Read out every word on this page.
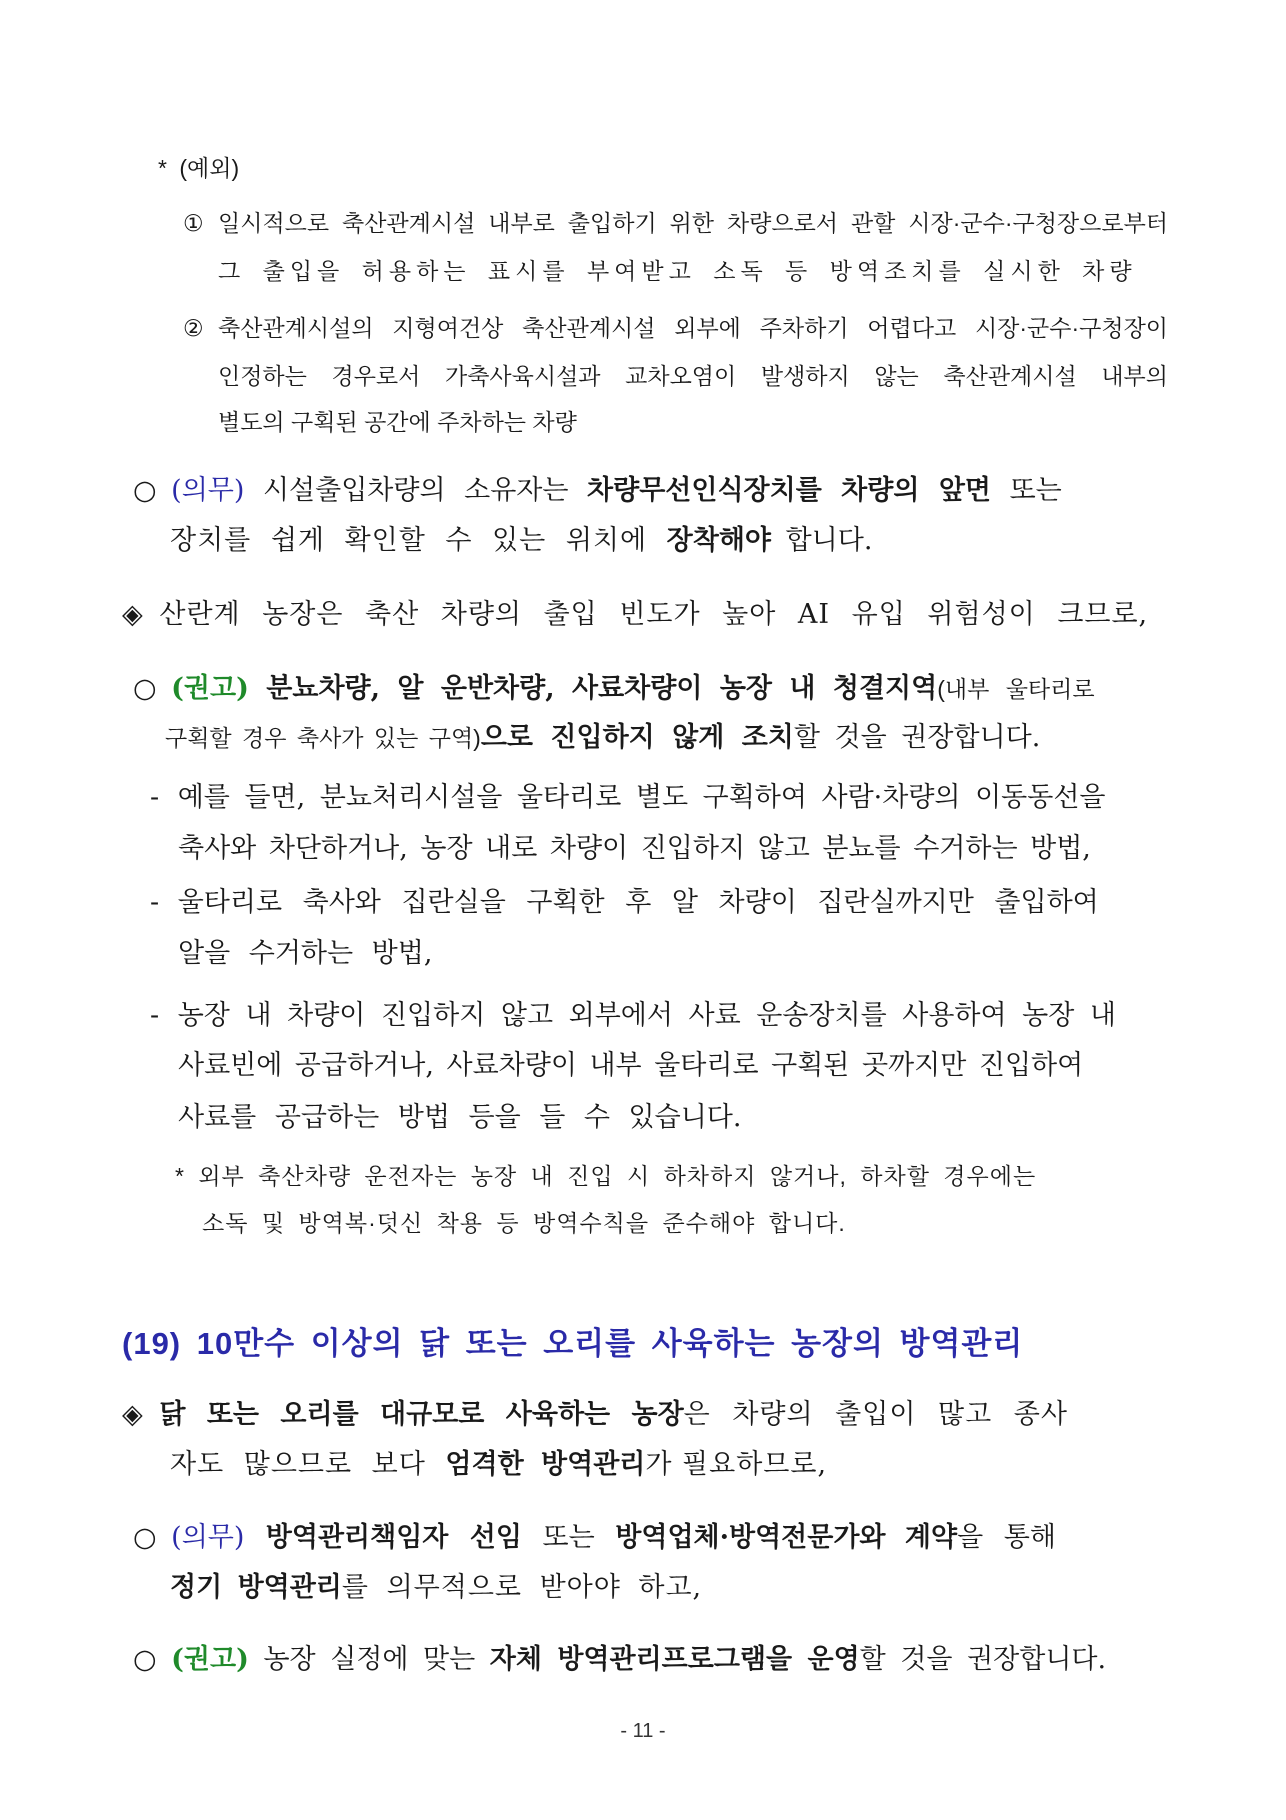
* (예외)
① 일시적으로 축산관계시설 내부로 출입하기 위한 차량으로서 관할 시장·군수·구청장으로부터
그 출입을 허용하는 표시를 부여받고 소독 등 방역조치를 실시한 차량
② 축산관계시설의 지형여건상 축산관계시설 외부에 주차하기 어렵다고 시장·군수·구청장이
인정하는 경우로서 가축사육시설과 교차오염이 발생하지 않는 축산관계시설 내부의
별도의 구획된 공간에 주차하는 차량
○ (의무) 시설출입차량의 소유자는 차량무선인식장치를 차량의 앞면 또는
장치를 쉽게 확인할 수 있는 위치에 장착해야 합니다.
◈ 산란계 농장은 축산 차량의 출입 빈도가 높아 AI 유입 위험성이 크므로,
○ (권고) 분뇨차량, 알 운반차량, 사료차량이 농장 내 청결지역(내부 울타리로
구획할 경우 축사가 있는 구역)으로 진입하지 않게 조치할 것을 권장합니다.
- 예를 들면, 분뇨처리시설을 울타리로 별도 구획하여 사람·차량의 이동동선을
축사와 차단하거나, 농장 내로 차량이 진입하지 않고 분뇨를 수거하는 방법,
- 울타리로 축사와 집란실을 구획한 후 알 차량이 집란실까지만 출입하여
알을 수거하는 방법,
- 농장 내 차량이 진입하지 않고 외부에서 사료 운송장치를 사용하여 농장 내
사료빈에 공급하거나, 사료차량이 내부 울타리로 구획된 곳까지만 진입하여
사료를 공급하는 방법 등을 들 수 있습니다.
* 외부 축산차량 운전자는 농장 내 진입 시 하차하지 않거나, 하차할 경우에는
소독 및 방역복·덧신 착용 등 방역수칙을 준수해야 합니다.
(19) 10만수 이상의 닭 또는 오리를 사육하는 농장의 방역관리
◈ 닭 또는 오리를 대규모로 사육하는 농장은 차량의 출입이 많고 종사
자도 많으므로 보다 엄격한 방역관리가 필요하므로,
○ (의무) 방역관리책임자 선임 또는 방역업체·방역전문가와 계약을 통해
정기 방역관리를 의무적으로 받아야 하고,
○ (권고) 농장 실정에 맞는 자체 방역관리프로그램을 운영할 것을 권장합니다.
- 11 -
